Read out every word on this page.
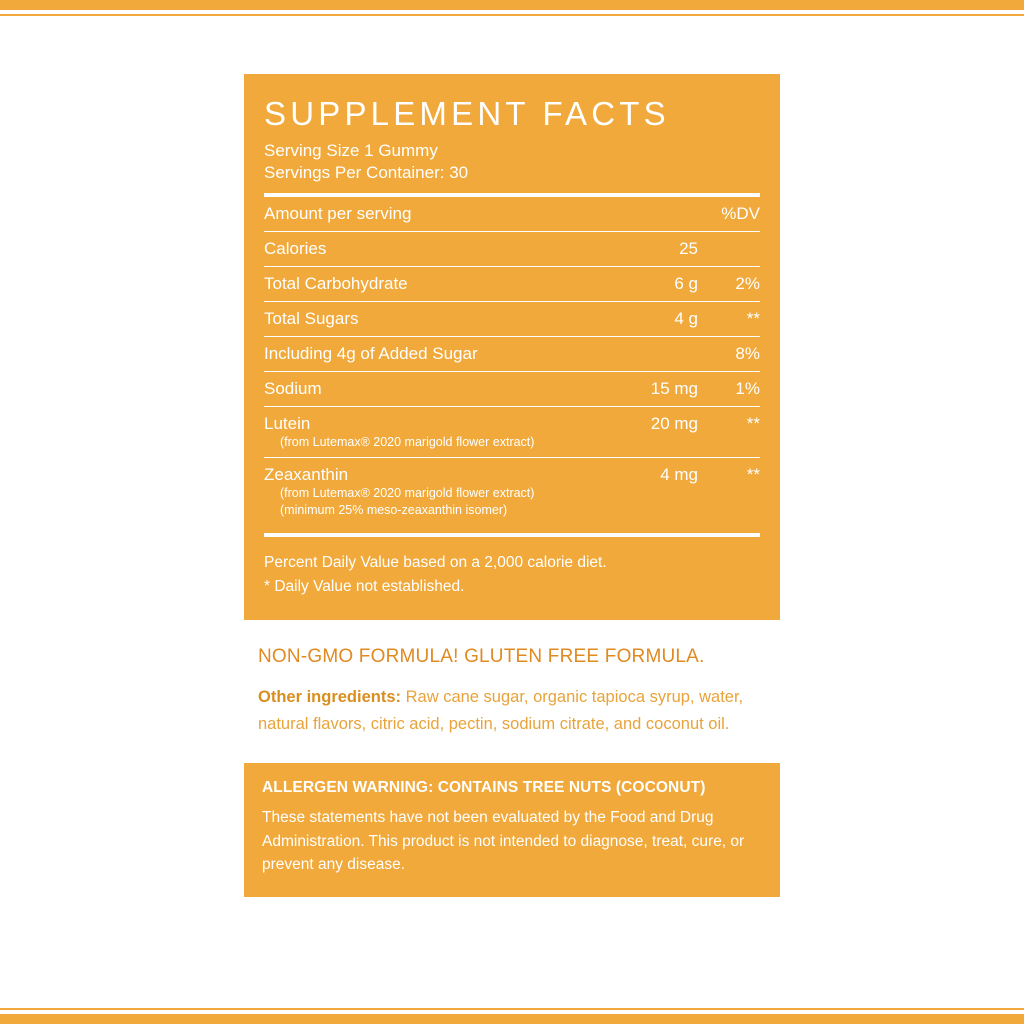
SUPPLEMENT FACTS
Serving Size 1 Gummy
Servings Per Container: 30
Amount per serving		%DV
Calories	25	
Total Carbohydrate	6 g	2%
Total Sugars	4 g	**
Including 4g of Added Sugar		8%
Sodium	15 mg	1%
Lutein
(from Lutemax® 2020 marigold flower extract)	20 mg	**
Zeaxanthin
(from Lutemax® 2020 marigold flower extract)
(minimum 25% meso-zeaxanthin isomer)	4 mg	**
Percent Daily Value based on a 2,000 calorie diet.
* Daily Value not established.
NON-GMO FORMULA! GLUTEN FREE FORMULA.

Other ingredients: Raw cane sugar, organic tapioca syrup, water, natural flavors, citric acid, pectin, sodium citrate, and coconut oil.

ALLERGEN WARNING: CONTAINS TREE NUTS (COCONUT)
These statements have not been evaluated by the Food and Drug Administration. This product is not intended to diagnose, treat, cure, or prevent any disease.
